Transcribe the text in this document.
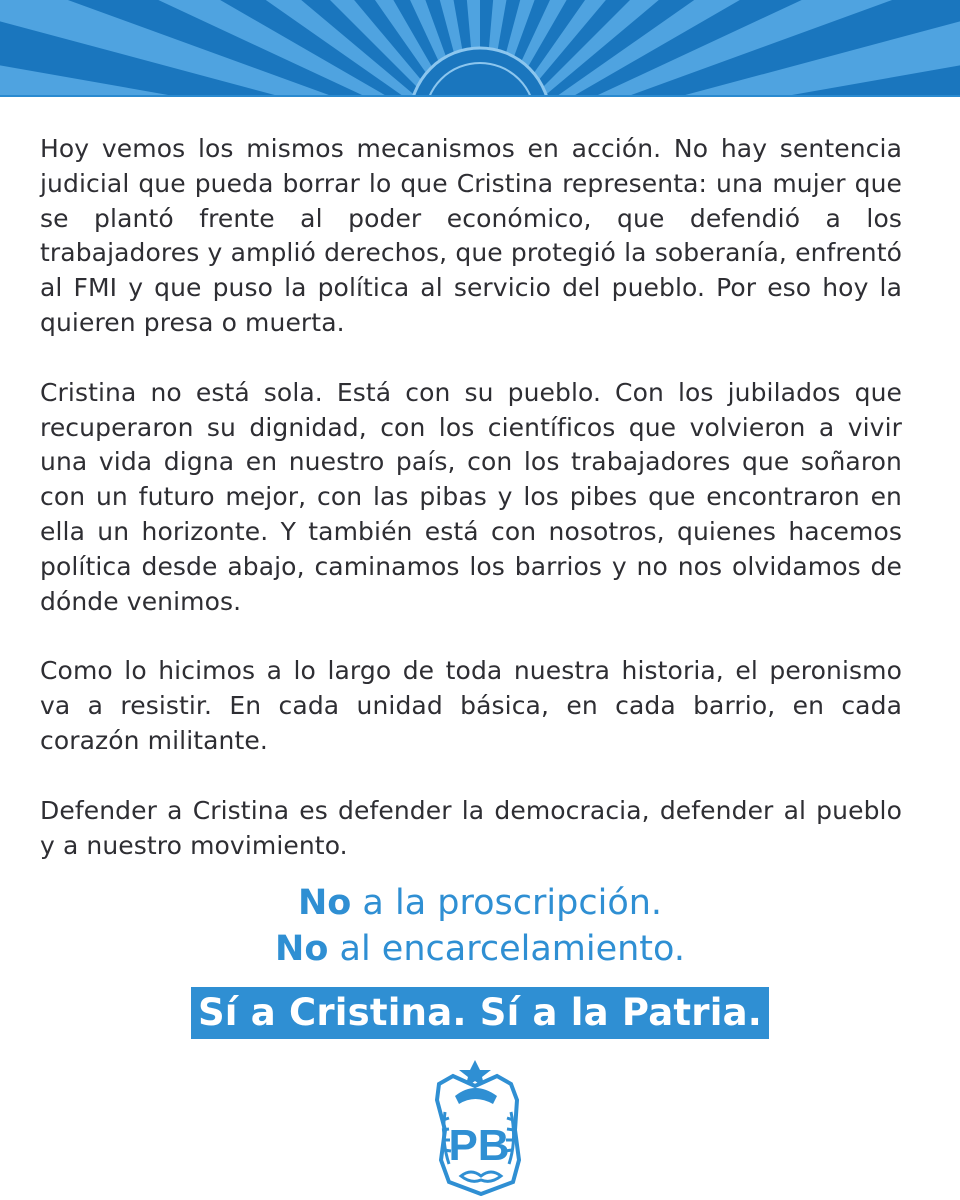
Hoy vemos los mismos mecanismos en acción. No hay sentencia judicial que pueda borrar lo que Cristina representa: una mujer que se plantó frente al poder económico, que defendió a los trabajadores y amplió derechos, que protegió la soberanía, enfrentó al FMI y que puso la política al servicio del pueblo. Por eso hoy la quieren presa o muerta.

Cristina no está sola. Está con su pueblo. Con los jubilados que recuperaron su dignidad, con los científicos que volvieron a vivir una vida digna en nuestro país, con los trabajadores que soñaron con un futuro mejor, con las pibas y los pibes que encontraron en ella un horizonte. Y también está con nosotros, quienes hacemos política desde abajo, caminamos los barrios y no nos olvidamos de dónde venimos.

Como lo hicimos a lo largo de toda nuestra historia, el peronismo va a resistir. En cada unidad básica, en cada barrio, en cada corazón militante.

Defender a Cristina es defender la democracia, defender al pueblo y a nuestro movimiento.

No a la proscripción.
No al encarcelamiento.
Sí a Cristina. Sí a la Patria.
PB
